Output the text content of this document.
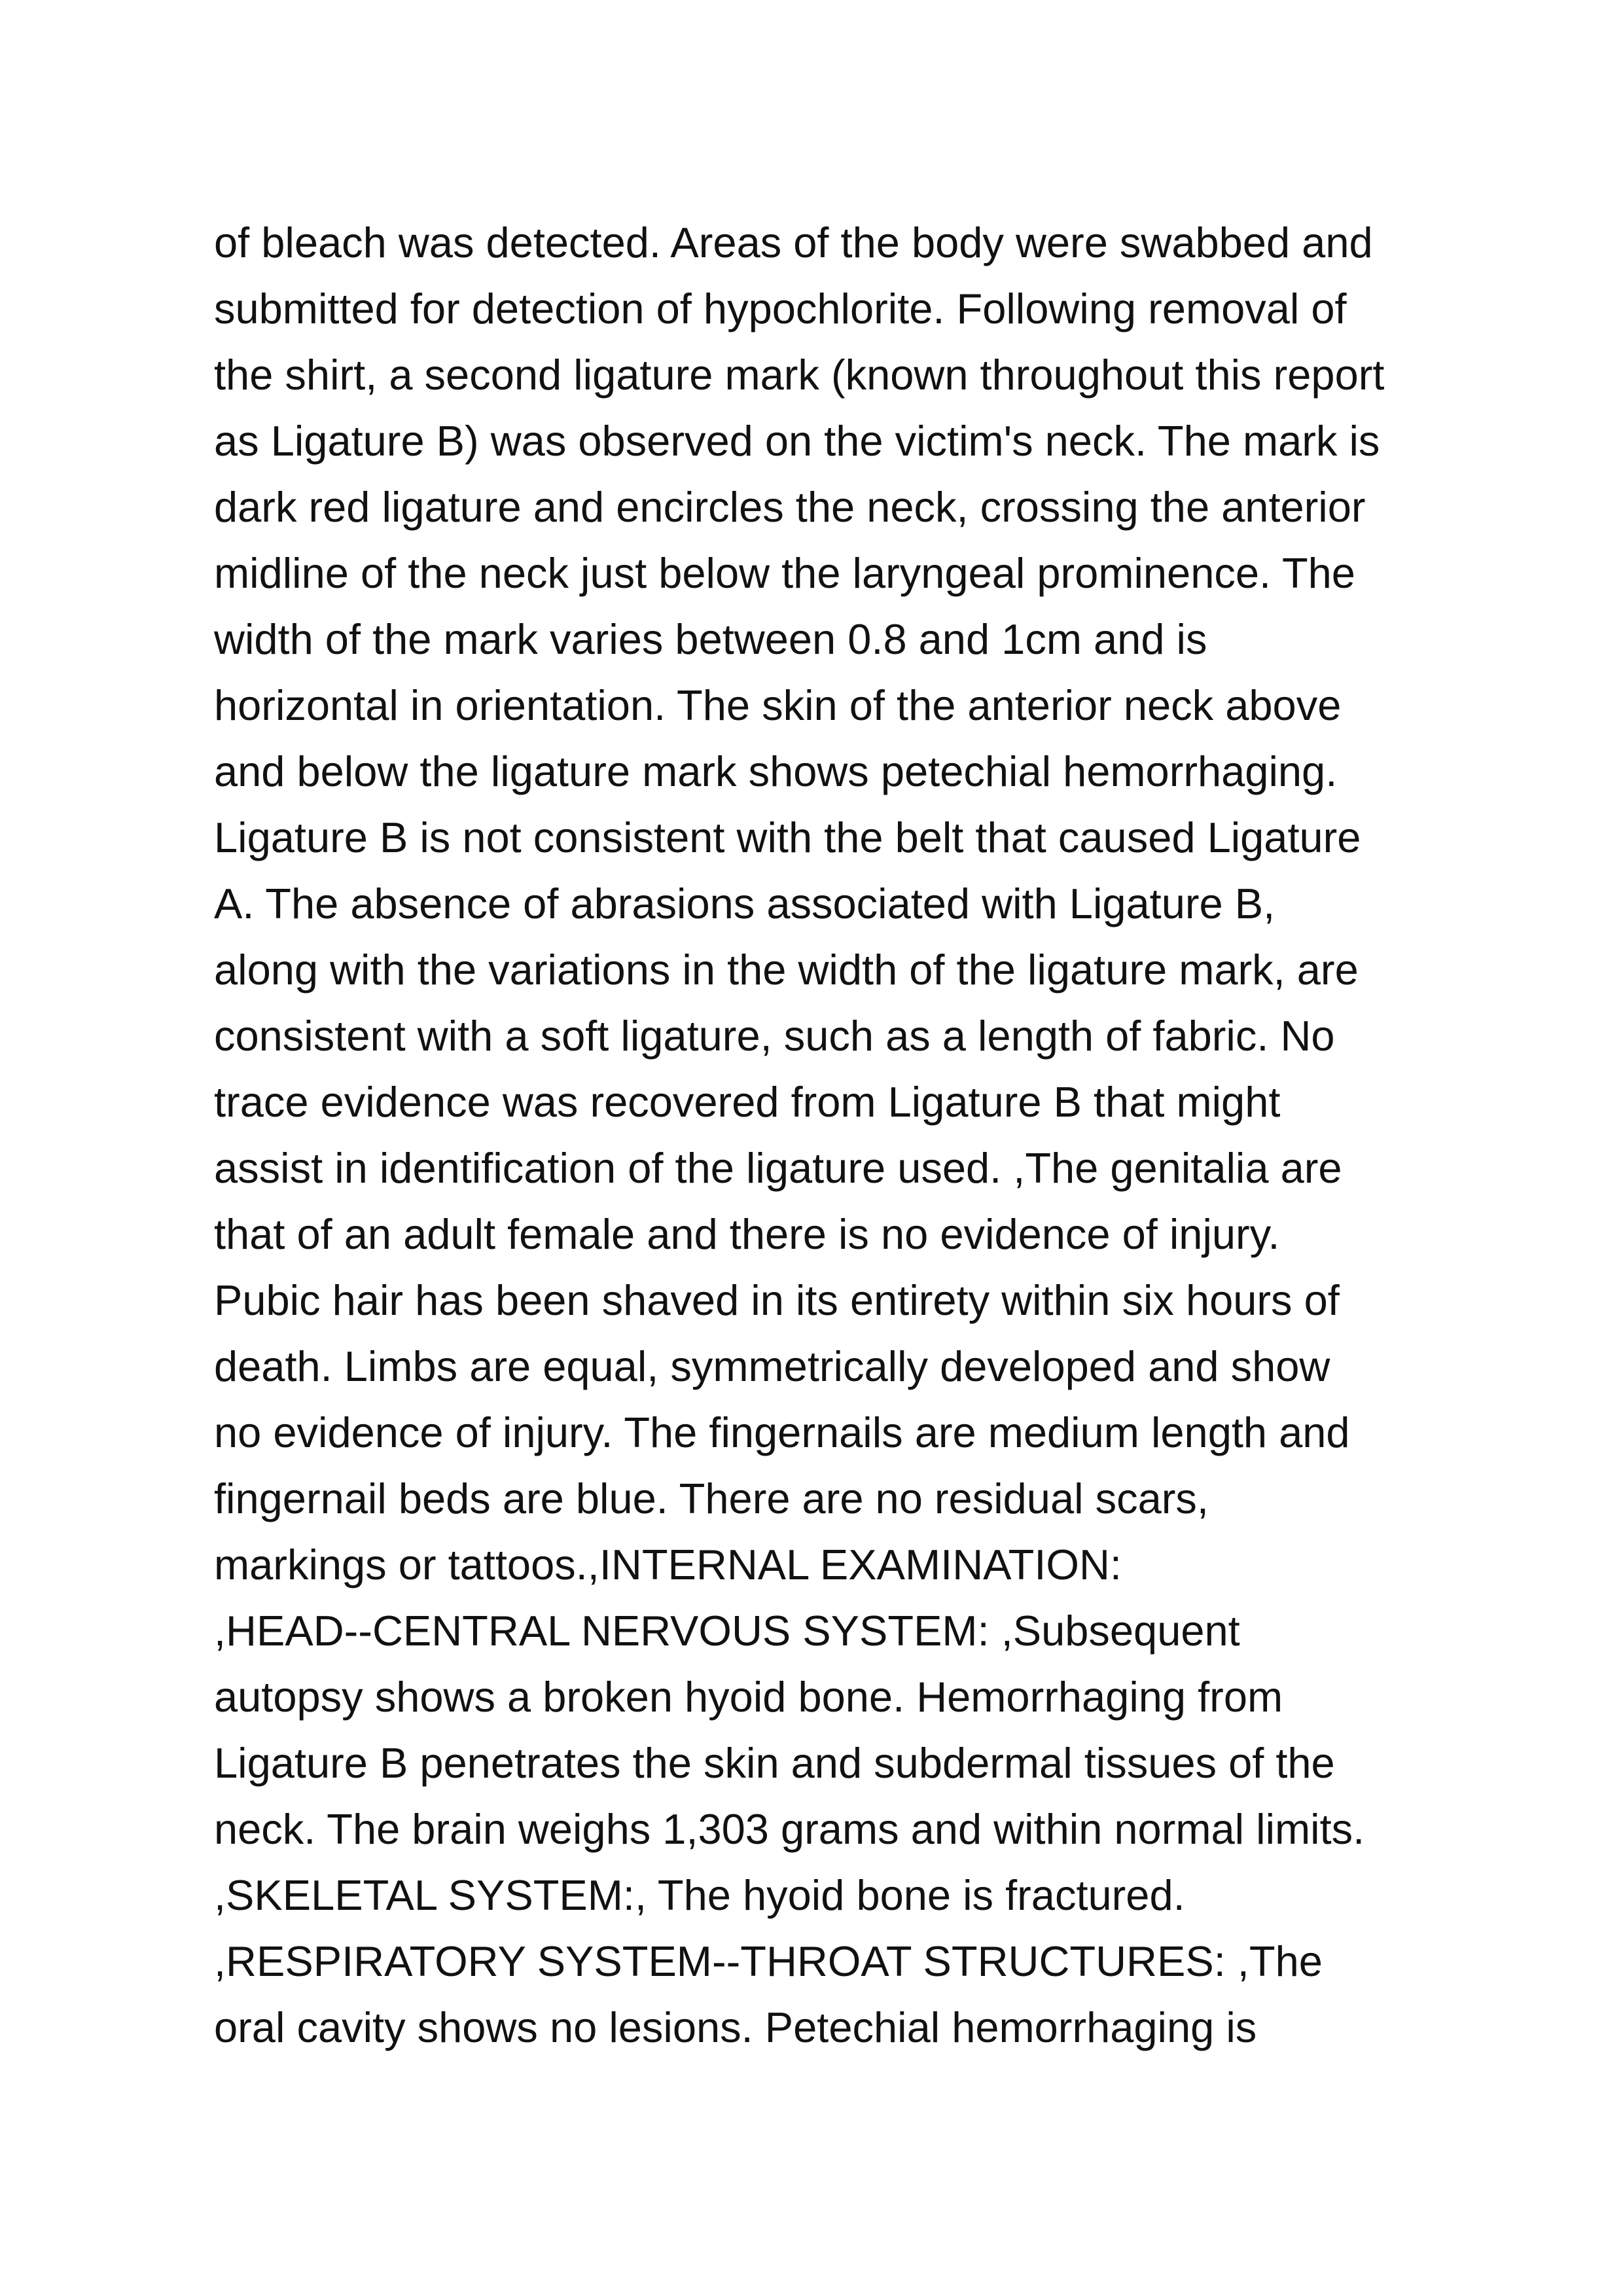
of bleach was detected. Areas of the body were swabbed and
submitted for detection of hypochlorite. Following removal of
the shirt, a second ligature mark (known throughout this report
as Ligature B) was observed on the victim's neck. The mark is
dark red ligature and encircles the neck, crossing the anterior
midline of the neck just below the laryngeal prominence. The
width of the mark varies between 0.8 and 1cm and is
horizontal in orientation. The skin of the anterior neck above
and below the ligature mark shows petechial hemorrhaging.
Ligature B is not consistent with the belt that caused Ligature
A. The absence of abrasions associated with Ligature B,
along with the variations in the width of the ligature mark, are
consistent with a soft ligature, such as a length of fabric. No
trace evidence was recovered from Ligature B that might
assist in identification of the ligature used. ,The genitalia are
that of an adult female and there is no evidence of injury.
Pubic hair has been shaved in its entirety within six hours of
death. Limbs are equal, symmetrically developed and show
no evidence of injury. The fingernails are medium length and
fingernail beds are blue. There are no residual scars,
markings or tattoos.,INTERNAL EXAMINATION:
,HEAD--CENTRAL NERVOUS SYSTEM: ,Subsequent
autopsy shows a broken hyoid bone. Hemorrhaging from
Ligature B penetrates the skin and subdermal tissues of the
neck. The brain weighs 1,303 grams and within normal limits.
,SKELETAL SYSTEM:, The hyoid bone is fractured.
,RESPIRATORY SYSTEM--THROAT STRUCTURES: ,The
oral cavity shows no lesions. Petechial hemorrhaging is
